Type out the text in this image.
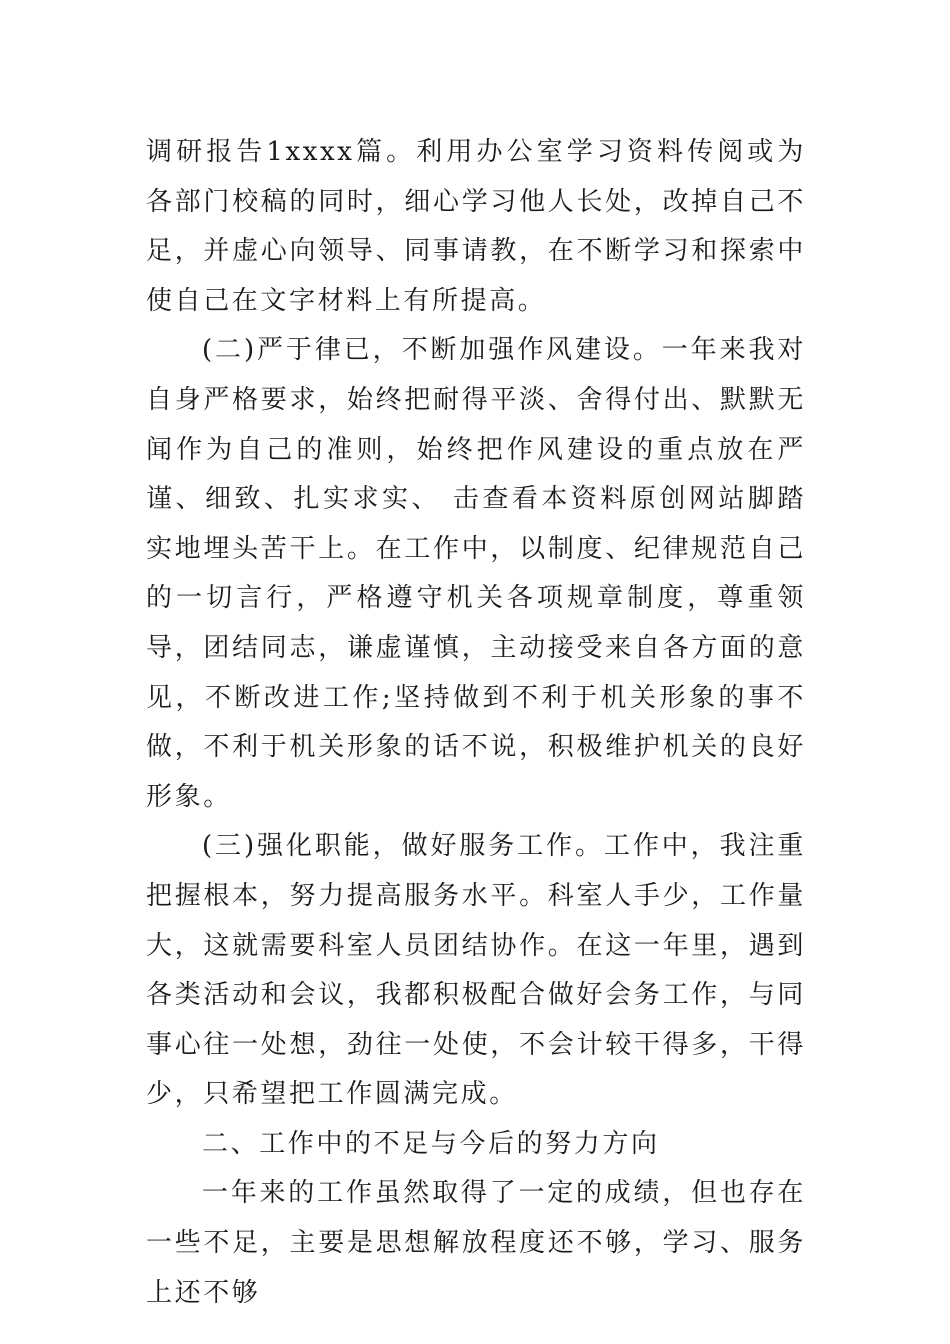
调研报告1xxxx篇。利用办公室学习资料传阅或为各部门校稿的同时，细心学习他人长处，改掉自己不足，并虚心向领导、同事请教，在不断学习和探索中使自己在文字材料上有所提高。

(二)严于律已，不断加强作风建设。一年来我对自身严格要求，始终把耐得平淡、舍得付出、默默无闻作为自己的准则，始终把作风建设的重点放在严谨、细致、扎实求实、 击查看本资料原创网站脚踏实地埋头苦干上。在工作中，以制度、纪律规范自己的一切言行，严格遵守机关各项规章制度，尊重领导，团结同志，谦虚谨慎，主动接受来自各方面的意见，不断改进工作;坚持做到不利于机关形象的事不做，不利于机关形象的话不说，积极维护机关的良好形象。

(三)强化职能，做好服务工作。工作中，我注重把握根本，努力提高服务水平。科室人手少，工作量大，这就需要科室人员团结协作。在这一年里，遇到各类活动和会议，我都积极配合做好会务工作，与同事心往一处想，劲往一处使，不会计较干得多，干得少，只希望把工作圆满完成。

二、工作中的不足与今后的努力方向

一年来的工作虽然取得了一定的成绩，但也存在一些不足，主要是思想解放程度还不够，学习、服务上还不够
